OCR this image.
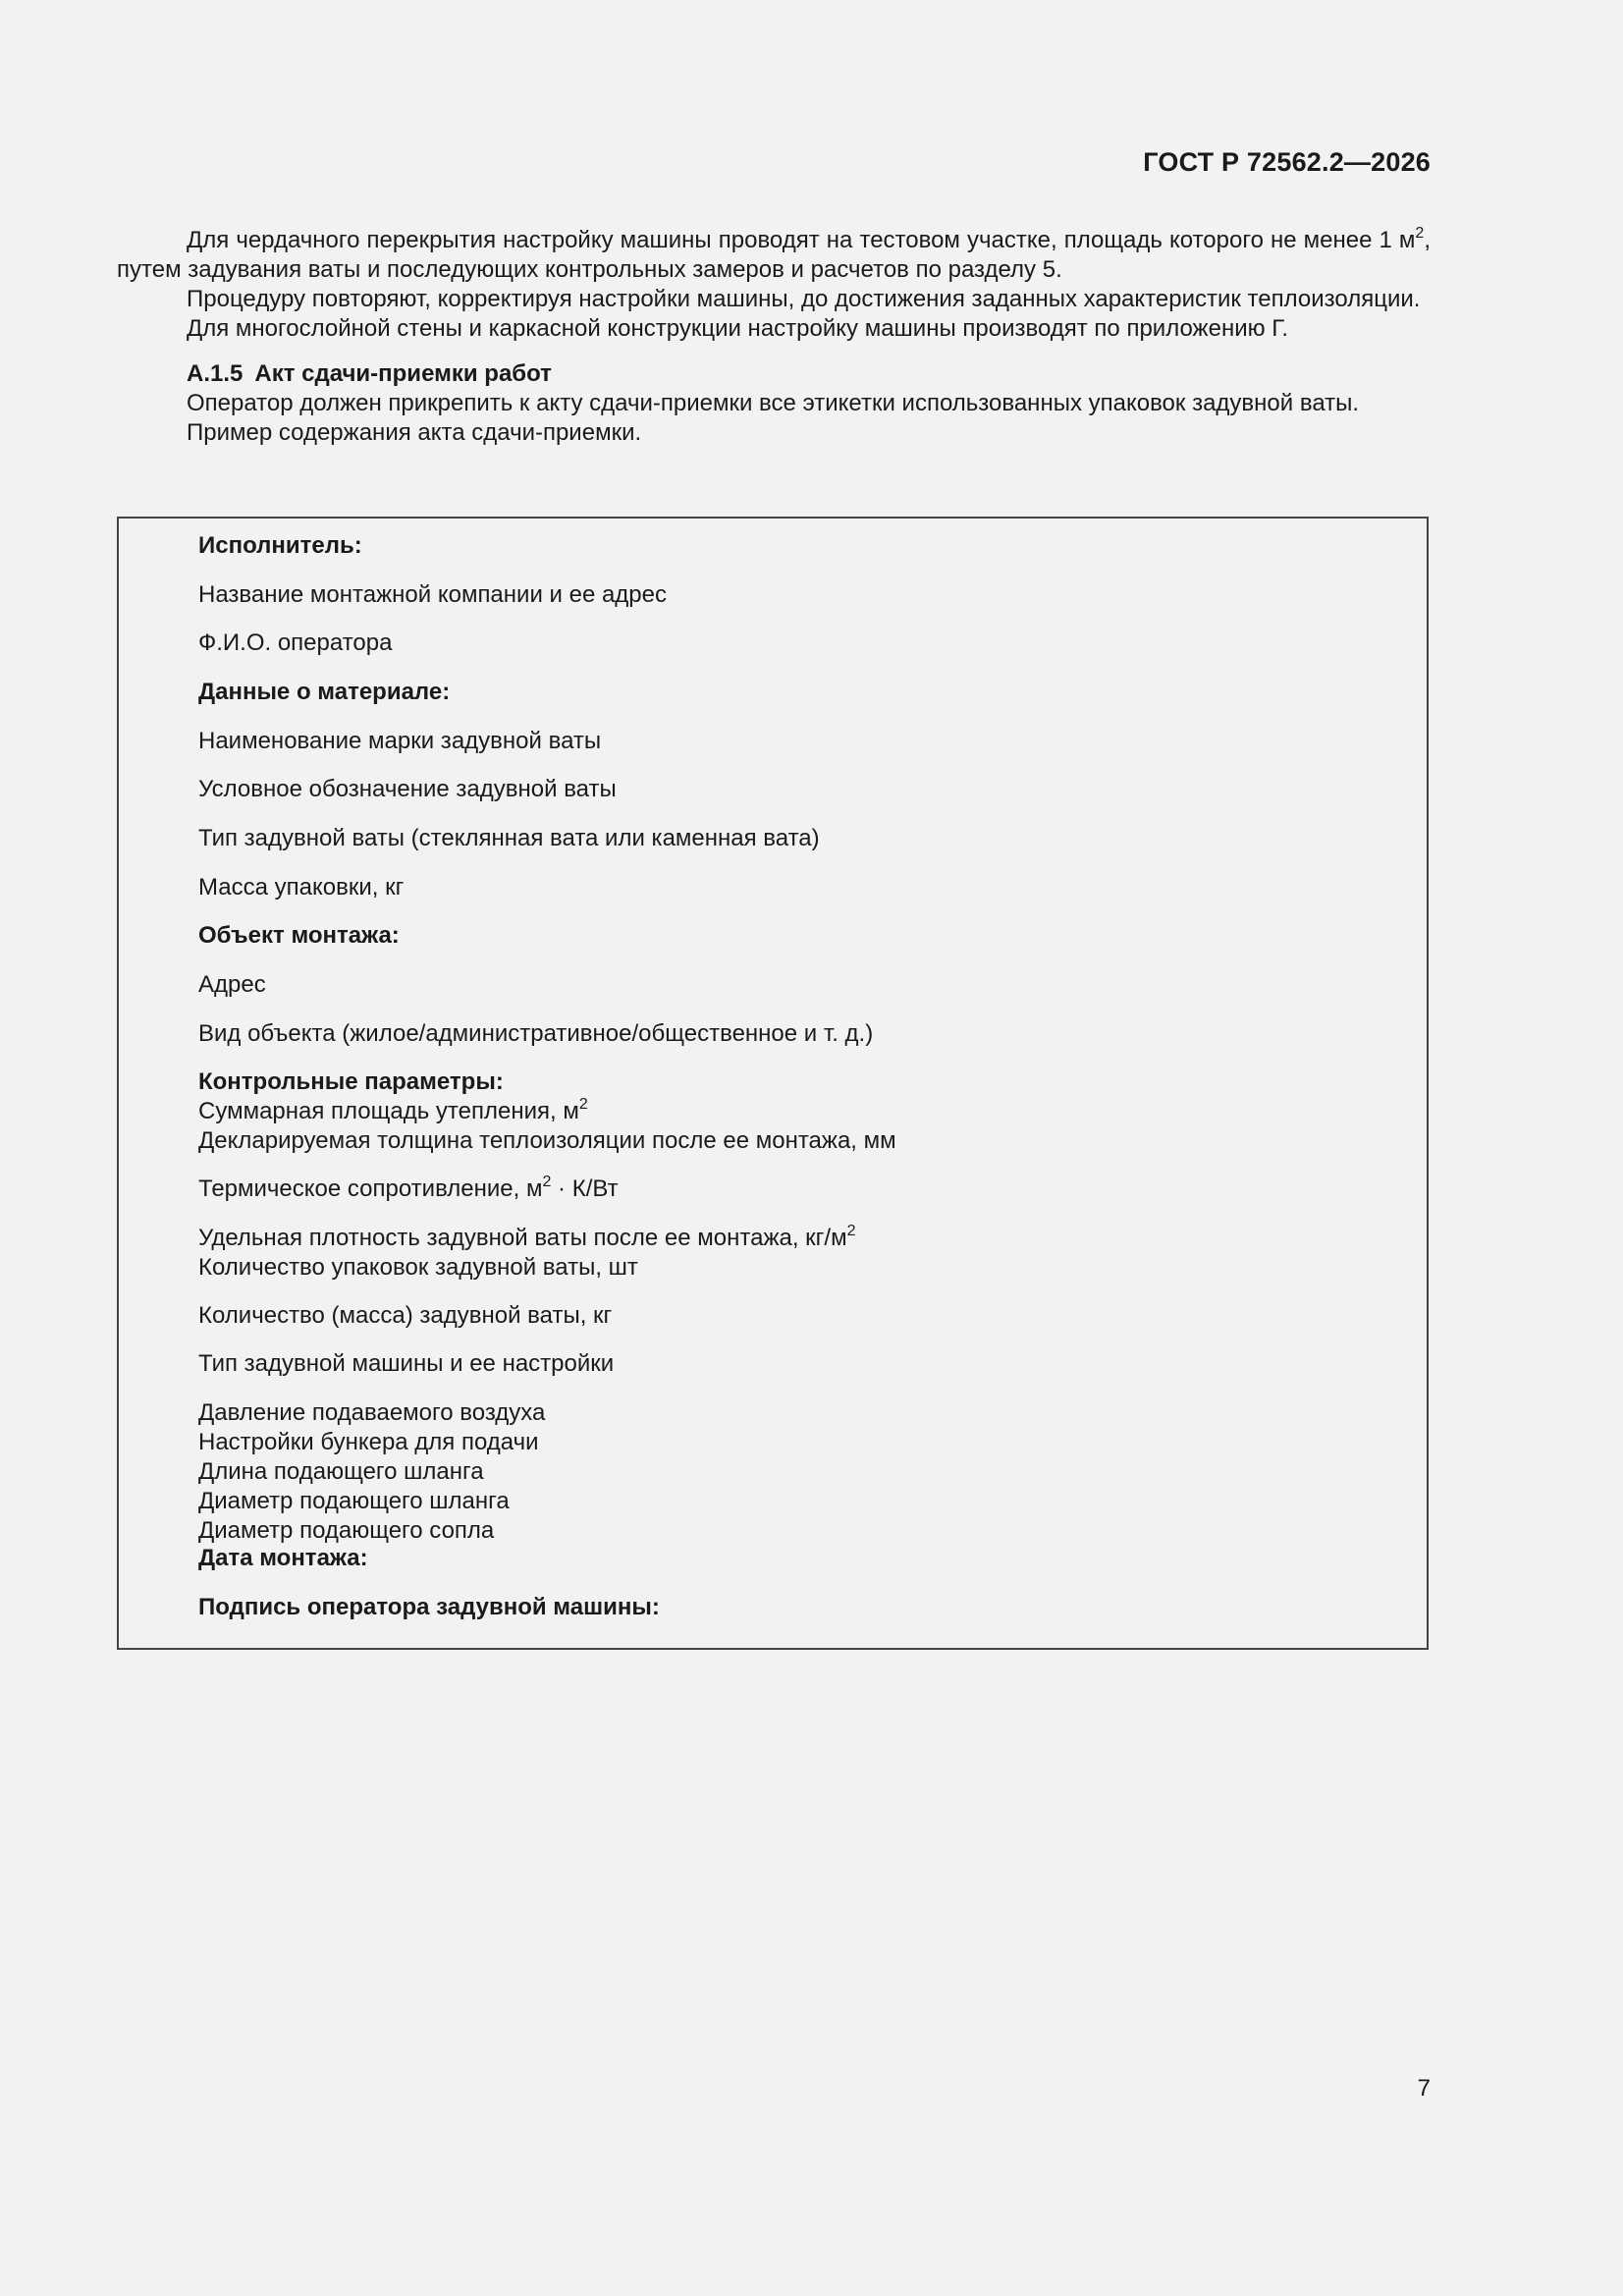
ГОСТ Р 72562.2—2026

Для чердачного перекрытия настройку машины проводят на тестовом участке, площадь которого не менее 1 $м^2$, путем задувания ваты и последующих контрольных замеров и расчетов по разделу 5.

Процедуру повторяют, корректируя настройки машины, до достижения заданных характеристик теплоизоляции.

Для многослойной стены и каркасной конструкции настройку машины производят по приложению Г.

А.1.5 Акт сдачи-приемки работ

Оператор должен прикрепить к акту сдачи-приемки все этикетки использованных упаковок задувной ваты.

Пример содержания акта сдачи-приемки.

Исполнитель:

Название монтажной компании и ее адрес

Ф.И.О. оператора

Данные о материале:

Наименование марки задувной ваты

Условное обозначение задувной ваты

Тип задувной ваты (стеклянная вата или каменная вата)

Масса упаковки, кг

Объект монтажа:

Адрес

Вид объекта (жилое/административное/общественное и т. д.)

Контрольные параметры:
Суммарная площадь утепления, $м^2$
Декларируемая толщина теплоизоляции после ее монтажа, мм

Термическое сопротивление, $м^2 \cdot К/Вт$

Удельная плотность задувной ваты после ее монтажа, $кг/м^2$
Количество упаковок задувной ваты, шт

Количество (масса) задувной ваты, кг

Тип задувной машины и ее настройки

Давление подаваемого воздуха
Настройки бункера для подачи
Длина подающего шланга
Диаметр подающего шланга
Диаметр подающего сопла

Дата монтажа:

Подпись оператора задувной машины:

7
